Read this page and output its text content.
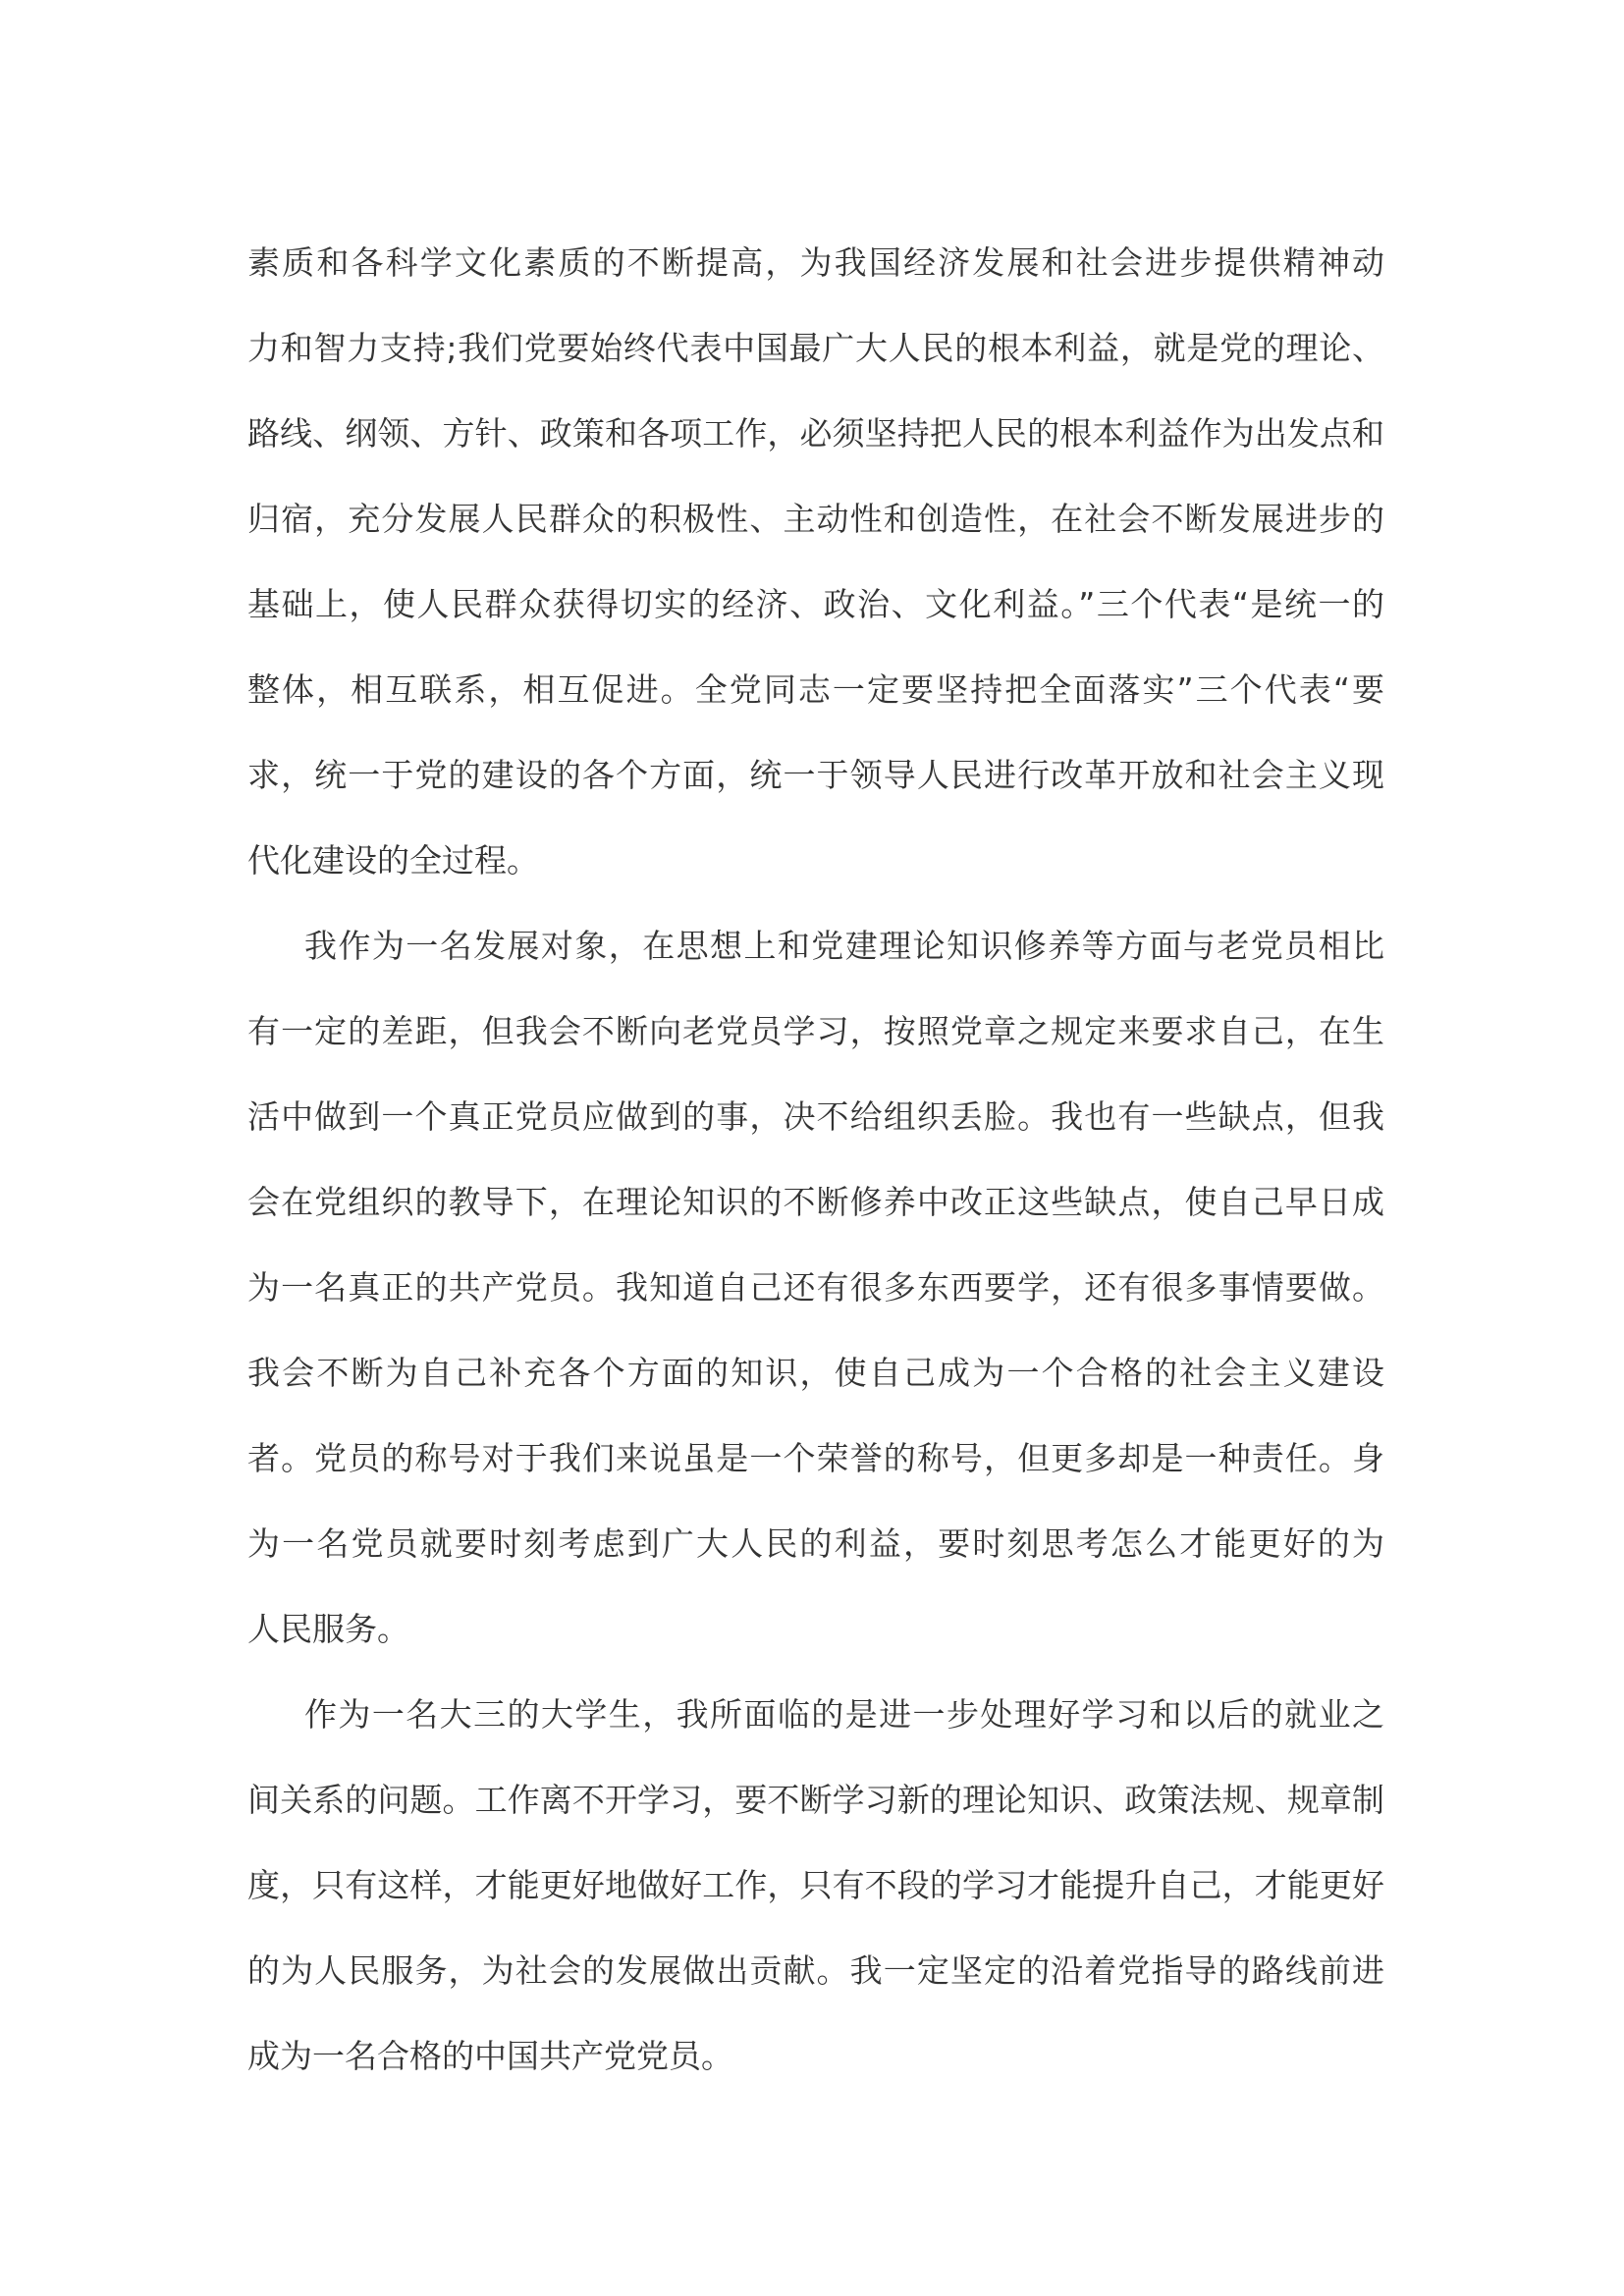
素质和各科学文化素质的不断提高，为我国经济发展和社会进步提供精神动
力和智力支持;我们党要始终代表中国最广大人民的根本利益，就是党的理论、
路线、纲领、方针、政策和各项工作，必须坚持把人民的根本利益作为出发点和
归宿，充分发展人民群众的积极性、主动性和创造性，在社会不断发展进步的
基础上，使人民群众获得切实的经济、政治、文化利益。”三个代表“是统一的
整体，相互联系，相互促进。全党同志一定要坚持把全面落实”三个代表“要
求，统一于党的建设的各个方面，统一于领导人民进行改革开放和社会主义现
代化建设的全过程。
我作为一名发展对象，在思想上和党建理论知识修养等方面与老党员相比
有一定的差距，但我会不断向老党员学习，按照党章之规定来要求自己，在生
活中做到一个真正党员应做到的事，决不给组织丢脸。我也有一些缺点，但我
会在党组织的教导下，在理论知识的不断修养中改正这些缺点，使自己早日成
为一名真正的共产党员。我知道自己还有很多东西要学，还有很多事情要做。
我会不断为自己补充各个方面的知识，使自己成为一个合格的社会主义建设
者。党员的称号对于我们来说虽是一个荣誉的称号，但更多却是一种责任。身
为一名党员就要时刻考虑到广大人民的利益，要时刻思考怎么才能更好的为
人民服务。
作为一名大三的大学生，我所面临的是进一步处理好学习和以后的就业之
间关系的问题。工作离不开学习，要不断学习新的理论知识、政策法规、规章制
度，只有这样，才能更好地做好工作，只有不段的学习才能提升自己，才能更好
的为人民服务，为社会的发展做出贡献。我一定坚定的沿着党指导的路线前进
成为一名合格的中国共产党党员。
